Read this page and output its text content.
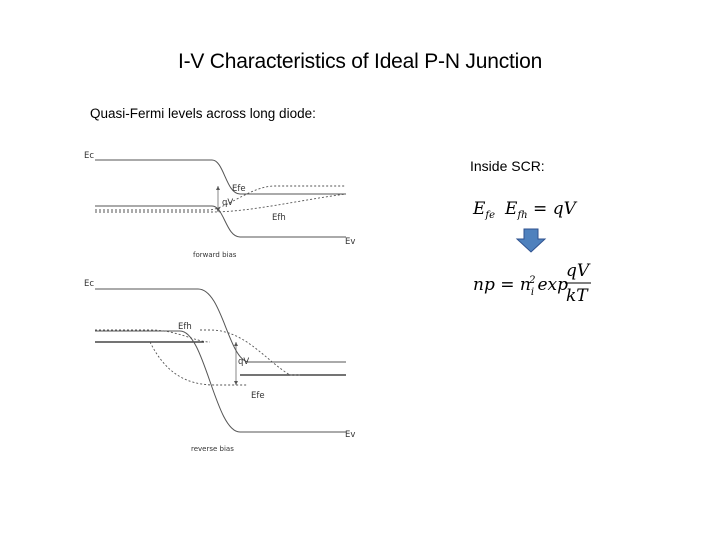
I-V Characteristics of Ideal P-N Junction
Quasi-Fermi levels across long diode:
Inside SCR:
Ec
Efe
qV
Efh
Ev
forward bias
Ec
Efh
qV
Efe
Ev
reverse bias
$E_{fe}$ $E_{fh}$ = qV
np = $n_i2$ exp
qV
kT
